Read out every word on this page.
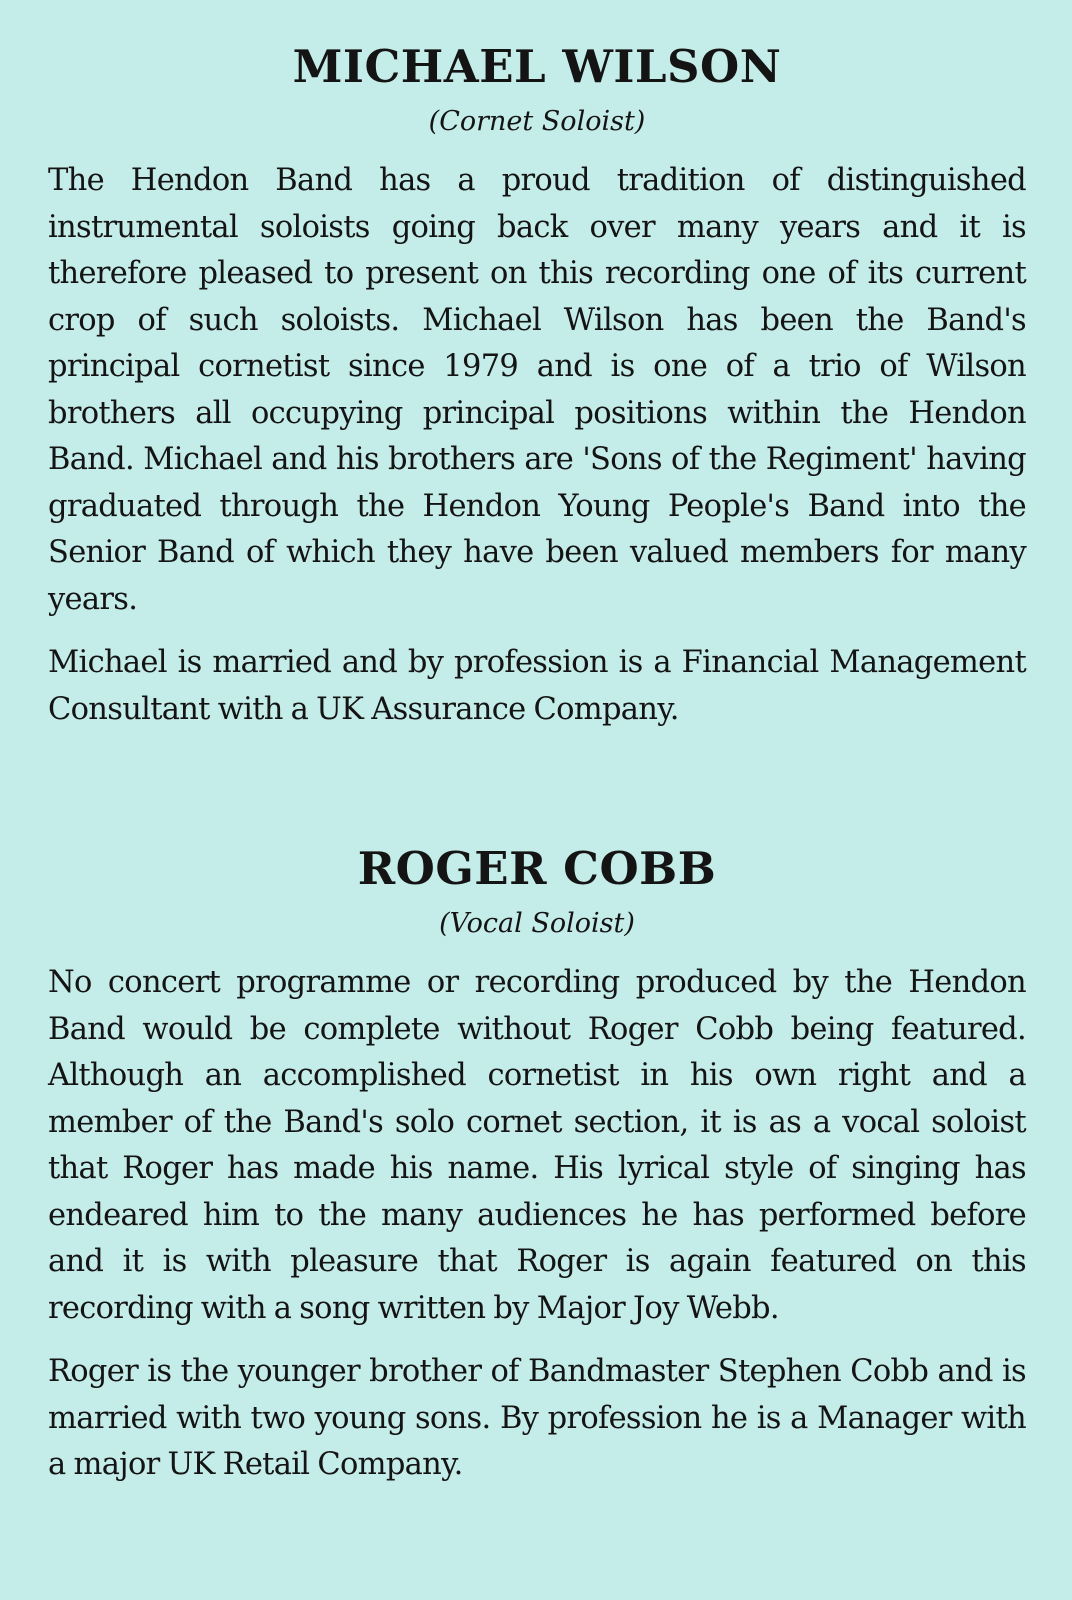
MICHAEL WILSON

(Cornet Soloist)

The Hendon Band has a proud tradition of distinguished instrumental soloists going back over many years and it is therefore pleased to present on this recording one of its current crop of such soloists. Michael Wilson has been the Band's principal cornetist since 1979 and is one of a trio of Wilson brothers all occupying principal positions within the Hendon Band. Michael and his brothers are 'Sons of the Regiment' having graduated through the Hendon Young People's Band into the Senior Band of which they have been valued members for many years.

Michael is married and by profession is a Financial Management Consultant with a UK Assurance Company.

ROGER COBB

(Vocal Soloist)

No concert programme or recording produced by the Hendon Band would be complete without Roger Cobb being featured. Although an accomplished cornetist in his own right and a member of the Band's solo cornet section, it is as a vocal soloist that Roger has made his name. His lyrical style of singing has endeared him to the many audiences he has performed before and it is with pleasure that Roger is again featured on this recording with a song written by Major Joy Webb.

Roger is the younger brother of Bandmaster Stephen Cobb and is married with two young sons. By profession he is a Manager with a major UK Retail Company.
